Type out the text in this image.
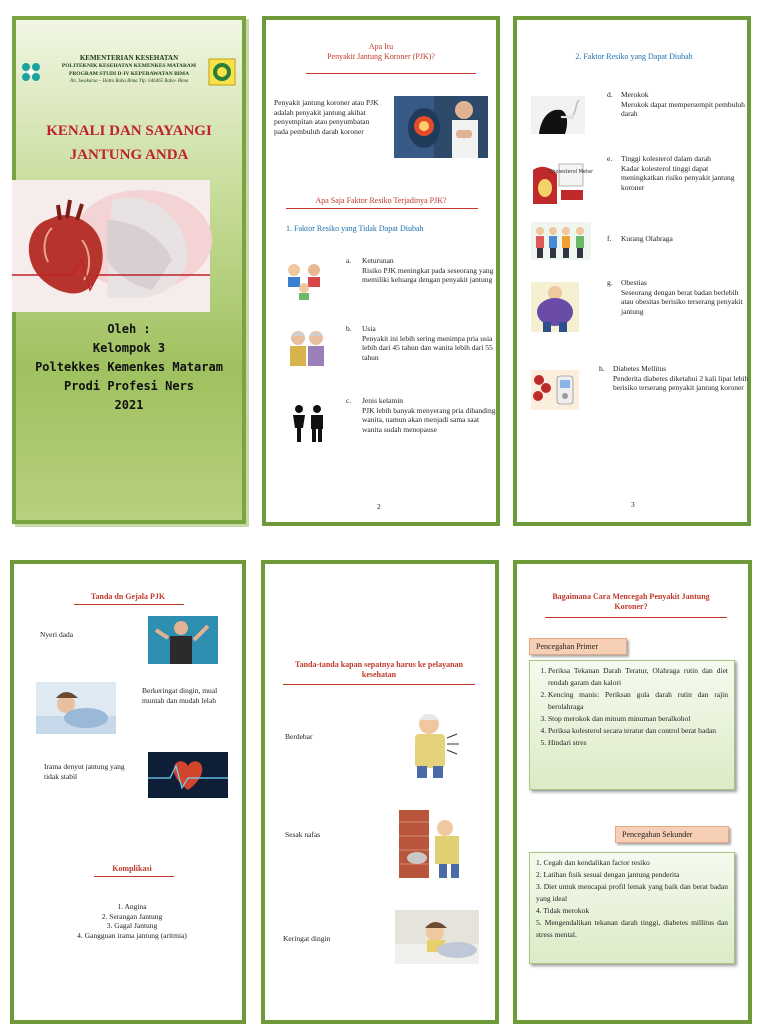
KEMENTERIAN KESEHATAN
POLITEKNIK KESEHATAN KEMENKES MATARAM
PROGRAM STUDI D-IV KEPERAWATAN BIMA
Jln. Swakarsa – Hatta Raba Bima Tlp. 646465 Raba- Bima
KENALI DAN SAYANGI
JANTUNG ANDA
Oleh :
Kelompok 3
Poltekkes Kemenkes Mataram
Prodi Profesi Ners
2021
Apa Itu
Penyakit Jantung Koroner (PJK)?
Penyakit jantung koroner atau PJK adalah penyakit jantung akibat penyempitan atau penyumbatan pada pembuluh darah koroner
Apa Saja Faktor Resiko Terjadinya PJK?
1. Faktor Resiko yang Tidak Dapat Diubah
a. Keturunan
Risiko PJK meningkat pada seseorang yang memiliki keluarga dengan penyakit jantung
b. Usia
Penyakit ini lebih sering menimpa pria usia lebih dari 45 tahun dan wanita lebih dari 55 tahun
c. Jenis kelamin
PJK lebih banyak menyerang pria dibanding wanita, namun akan menjadi sama saat wanita sudah menopause
2
2. Faktor Resiko yang Dapat Diubah
d. Merokok
Merokok dapat mempersempit pembuluh darah
Cholesterol Meter
e. Tinggi kolesterol dalam darah
Kadar kolesterol tinggi dapat meningkatkan risiko penyakit jantung koroner
f. Kurang Olahraga
g. Obestias
Seseorang dengan berat badan berlebih atau obesitas berisiko terserang penyakit jantung
h. Diabetes Mellitus
Penderita diabetes diketahui 2 kali lipat lebih berisiko terserang penyakit jantung koroner
3
Tanda dn Gejala PJK
Nyeri dada
Berkeringat dingin, mual muntah dan mudah lelah
Irama denyut jantung yang tidak stabil
Komplikasi
1. Angina
2. Serangan Jantung
3. Gagal Jantung
4. Gangguan irama jantung (aritmia)
Tanda-tanda kapan sepatnya harus ke pelayanan kesehatan
Berdebar
Sesak nafas
Keringat dingin
Bagaimana Cara Mencegah Penyakit Jantung Koroner?
Pencegahan Primer
1. Periksa Tekanan Darah Teratur, Olahraga rutin dan diet rendah garam dan kalori
2. Kencing manis: Periksan gula darah rutin dan rajin berolahraga
3. Stop merokok dan minum minuman beralkohol
4. Periksa kolesterol secara teratur dan control berat badan
5. Hindari stres
Pencegahan Sekunder
1. Cegah dan kendalikan factor resiko
2. Latihan fisik sesuai dengan jantung penderita
3. Diet untuk mencapai profil lemak yang baik dan berat badan yang ideal
4. Tidak merokok
5. Mengendalikan tekanan darah tinggi, diabetes millitus dan stress mental.
